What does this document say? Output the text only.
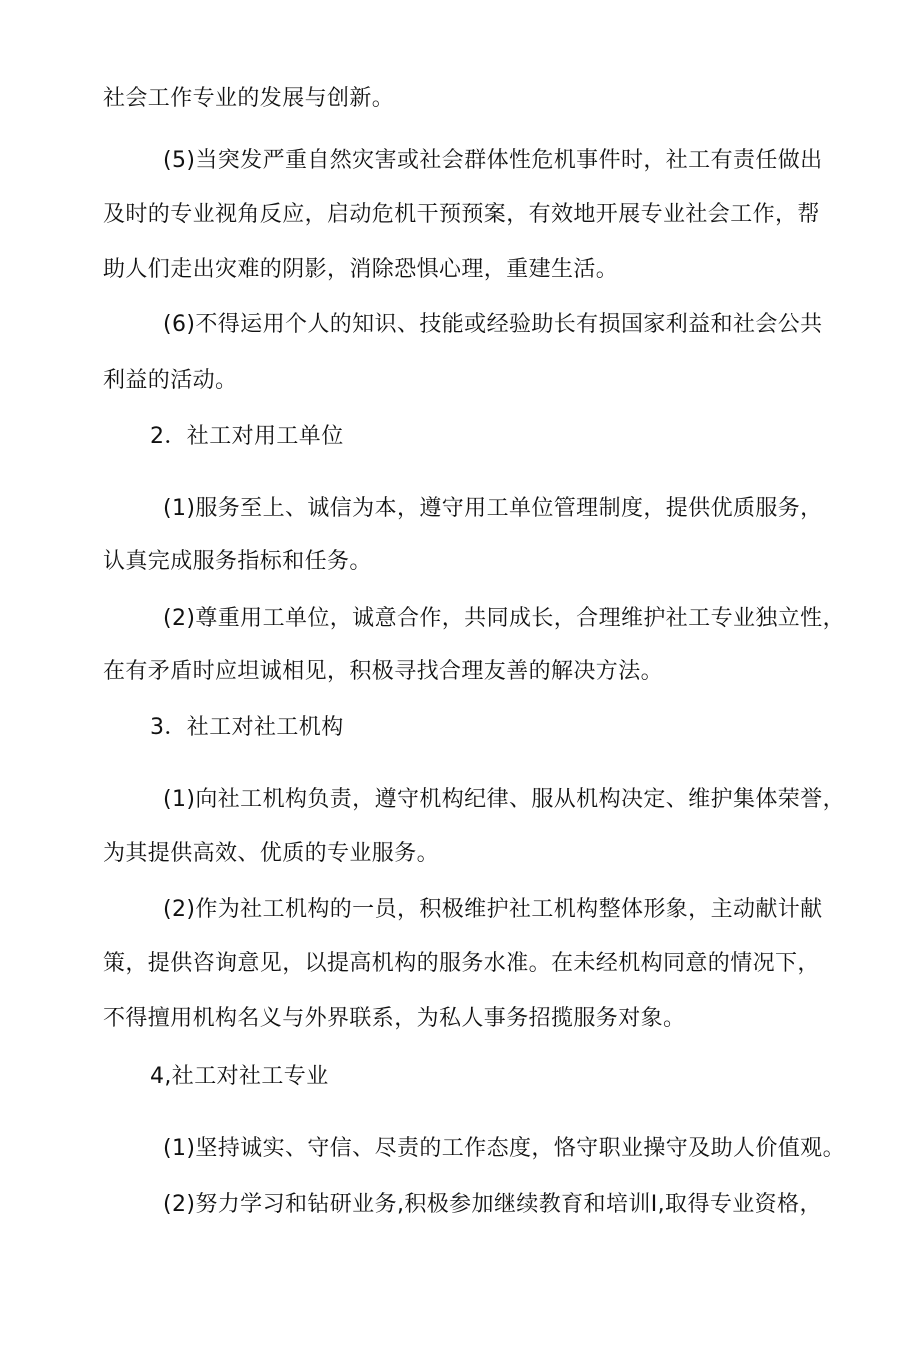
社会工作专业的发展与创新。
(5)当突发严重自然灾害或社会群体性危机事件时，社工有责任做出
及时的专业视角反应，启动危机干预预案，有效地开展专业社会工作，帮
助人们走出灾难的阴影，消除恐惧心理，重建生活。
(6)不得运用个人的知识、技能或经验助长有损国家利益和社会公共
利益的活动。
2．社工对用工单位
(1)服务至上、诚信为本，遵守用工单位管理制度，提供优质服务，
认真完成服务指标和任务。
(2)尊重用工单位，诚意合作，共同成长，合理维护社工专业独立性，
在有矛盾时应坦诚相见，积极寻找合理友善的解决方法。
3．社工对社工机构
(1)向社工机构负责，遵守机构纪律、服从机构决定、维护集体荣誉，
为其提供高效、优质的专业服务。
(2)作为社工机构的一员，积极维护社工机构整体形象，主动献计献
策，提供咨询意见，以提高机构的服务水准。在未经机构同意的情况下，
不得擅用机构名义与外界联系，为私人事务招揽服务对象。
4,社工对社工专业
(1)坚持诚实、守信、尽责的工作态度，恪守职业操守及助人价值观。
(2)努力学习和钻研业务,积极参加继续教育和培训I,取得专业资格，
